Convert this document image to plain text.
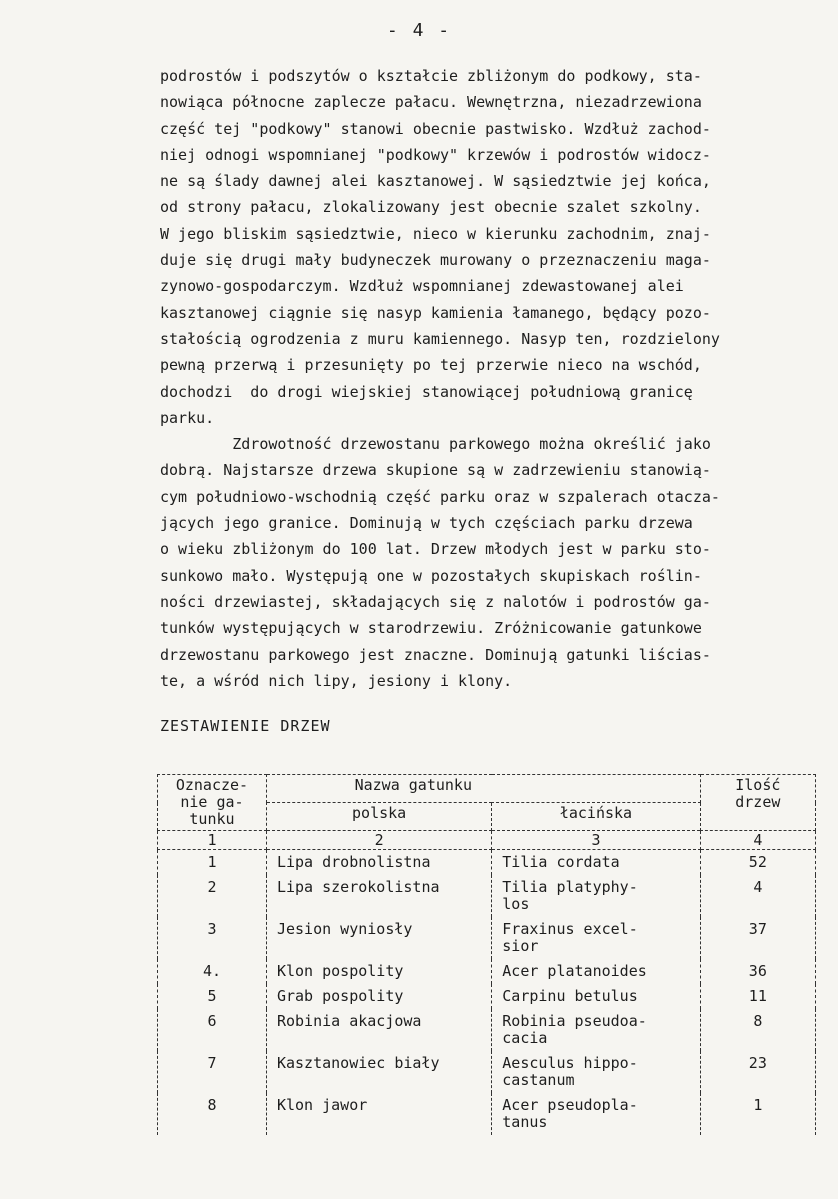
- 4 -

podrostów i podszytów o kształcie zbliżonym do podkowy, sta-
nowiąca północne zaplecze pałacu. Wewnętrzna, niezadrzewiona
część tej "podkowy" stanowi obecnie pastwisko. Wzdłuż zachod-
niej odnogi wspomnianej "podkowy" krzewów i podrostów widocz-
ne są ślady dawnej alei kasztanowej. W sąsiedztwie jej końca,
od strony pałacu, zlokalizowany jest obecnie szalet szkolny.
W jego bliskim sąsiedztwie, nieco w kierunku zachodnim, znaj-
duje się drugi mały budyneczek murowany o przeznaczeniu maga-
zynowo-gospodarczym. Wzdłuż wspomnianej zdewastowanej alei
kasztanowej ciągnie się nasyp kamienia łamanego, będący pozo-
stałością ogrodzenia z muru kamiennego. Nasyp ten, rozdzielony
pewną przerwą i przesunięty po tej przerwie nieco na wschód,
dochodzi  do drogi wiejskiej stanowiącej południową granicę
parku.

Zdrowotność drzewostanu parkowego można określić jako
dobrą. Najstarsze drzewa skupione są w zadrzewieniu stanowią-
cym południowo-wschodnią część parku oraz w szpalerach otacza-
jących jego granice. Dominują w tych częściach parku drzewa
o wieku zbliżonym do 100 lat. Drzew młodych jest w parku sto-
sunkowo mało. Występują one w pozostałych skupiskach roślin-
ności drzewiastej, składających się z nalotów i podrostów ga-
tunków występujących w starodrzewiu. Zróżnicowanie gatunkowe
drzewostanu parkowego jest znaczne. Dominują gatunki liścias-
te, a wśród nich lipy, jesiony i klony.

ZESTAWIENIE DRZEW
Oznacze-
nie ga-
tunku	Nazwa gatunku		Ilość
drzew
	polska	łacińska	
1	2	3	4
1	Lipa drobnolistna	Tilia cordata	52
2	Lipa szerokolistna	Tilia platyphy-
los	4
3	Jesion wyniosły	Fraxinus excel-
sior	37
4.	Klon pospolity	Acer platanoides	36
5	Grab pospolity	Carpinu betulus	11
6	Robinia akacjowa	Robinia pseudoa-
cacia	8
7	Kasztanowiec biały	Aesculus hippo-
castanum	23
8	Klon jawor	Acer pseudopla-
tanus	1
